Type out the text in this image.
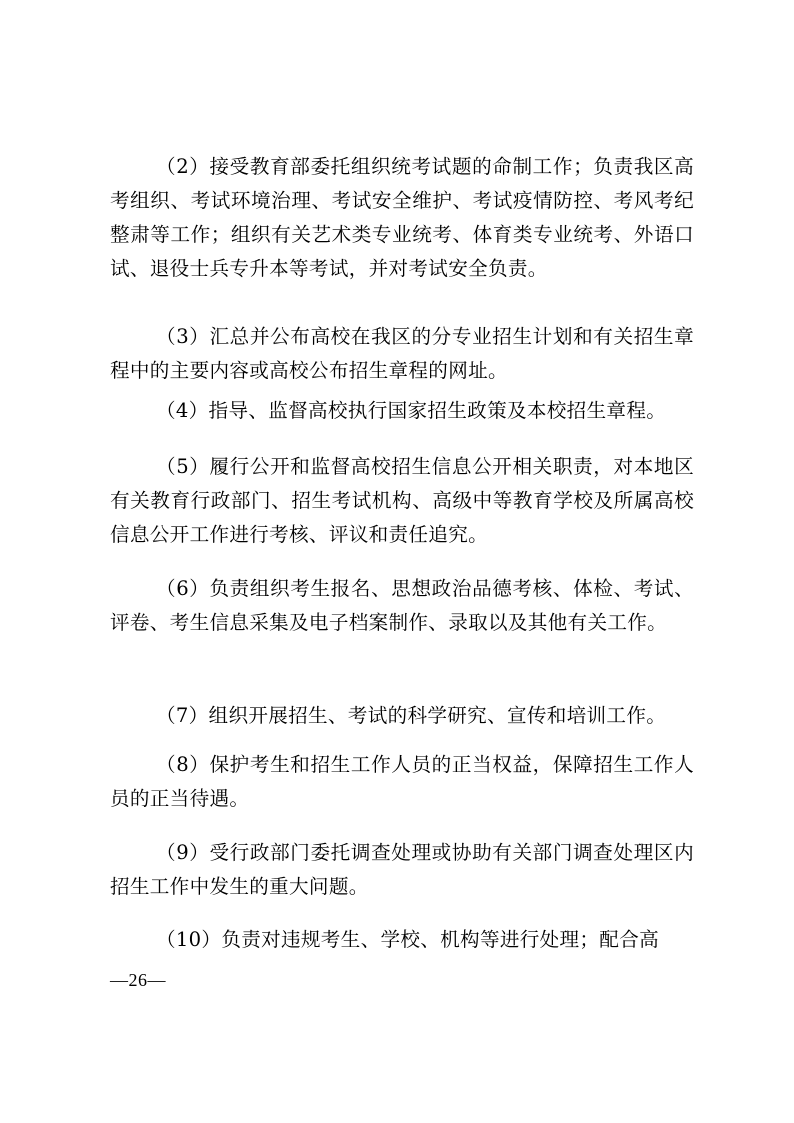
（2）接受教育部委托组织统考试题的命制工作；负责我区高考组织、考试环境治理、考试安全维护、考试疫情防控、考风考纪整肃等工作；组织有关艺术类专业统考、体育类专业统考、外语口试、退役士兵专升本等考试，并对考试安全负责。

（3）汇总并公布高校在我区的分专业招生计划和有关招生章程中的主要内容或高校公布招生章程的网址。

（4）指导、监督高校执行国家招生政策及本校招生章程。

（5）履行公开和监督高校招生信息公开相关职责，对本地区有关教育行政部门、招生考试机构、高级中等教育学校及所属高校信息公开工作进行考核、评议和责任追究。

（6）负责组织考生报名、思想政治品德考核、体检、考试、评卷、考生信息采集及电子档案制作、录取以及其他有关工作。

（7）组织开展招生、考试的科学研究、宣传和培训工作。

（8）保护考生和招生工作人员的正当权益，保障招生工作人员的正当待遇。

（9）受行政部门委托调查处理或协助有关部门调查处理区内招生工作中发生的重大问题。

（10）负责对违规考生、学校、机构等进行处理；配合高

—26—
